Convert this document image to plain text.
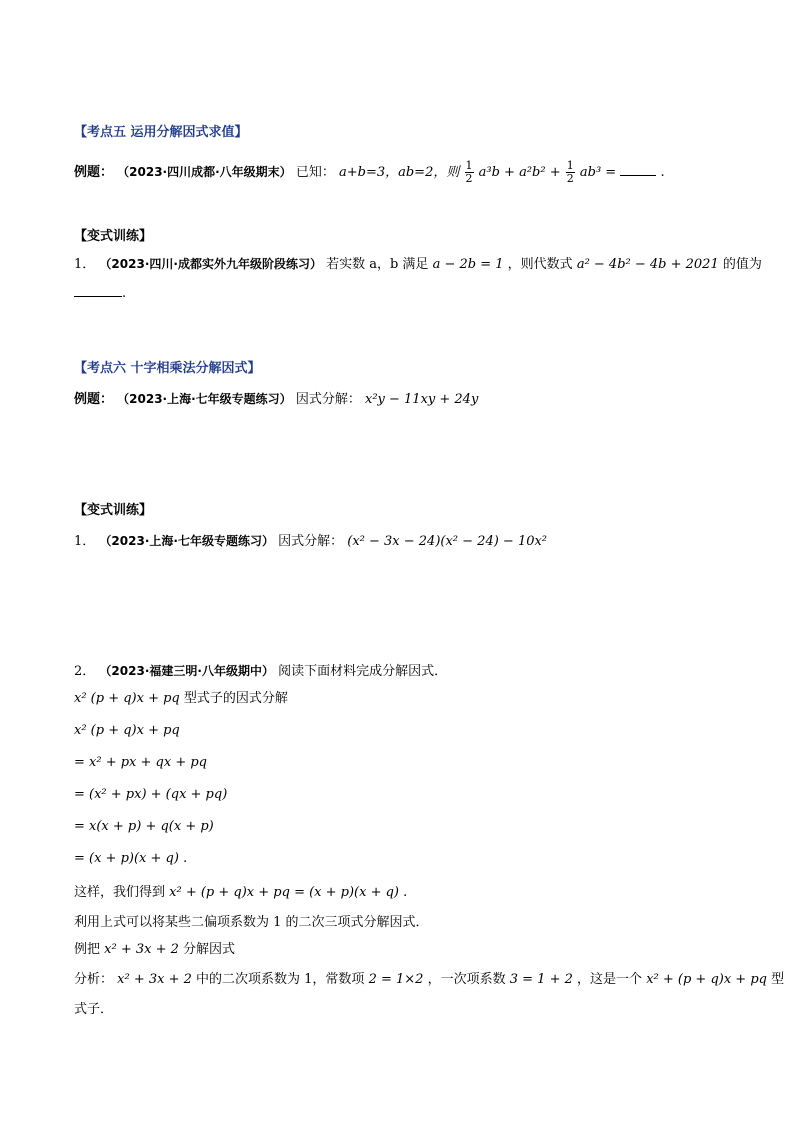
【考点五 运用分解因式求值】
例题： （2023·四川成都·八年级期末） 已知： a+b=3，ab=2，则 $\frac{1}{2} a^3b + a^2b^2 + \frac{1}{2} ab^3$ =	.
【变式训练】
1． （2023·四川·成都实外九年级阶段练习） 若实数 a，b 满足 a − 2b = 1 ，则代数式 a² − 4b² − 4b + 2021 的值为
.
【考点六 十字相乘法分解因式】
例题： （2023·上海·七年级专题练习） 因式分解： x²y − 11xy + 24y
【变式训练】
1． （2023·上海·七年级专题练习） 因式分解： (x² − 3x − 24)(x² − 24) − 10x²
2． （2023·福建三明·八年级期中） 阅读下面材料完成分解因式．
x² (p + q)x + pq 型式子的因式分解
x² (p + q)x + pq
= x² + px + qx + pq
= (x² + px) + (qx + pq)
= x(x + p) + q(x + p)
= (x + p)(x + q) .
这样，我们得到 x² + (p + q)x + pq = (x + p)(x + q) .
利用上式可以将某些二偏项系数为 1 的二次三项式分解因式．
例把 x² + 3x + 2 分解因式
分析： x² + 3x + 2 中的二次项系数为 1，常数项 2 = 1×2 ，一次项系数 3 = 1 + 2 ，这是一个 x² + (p + q)x + pq 型
式子．
